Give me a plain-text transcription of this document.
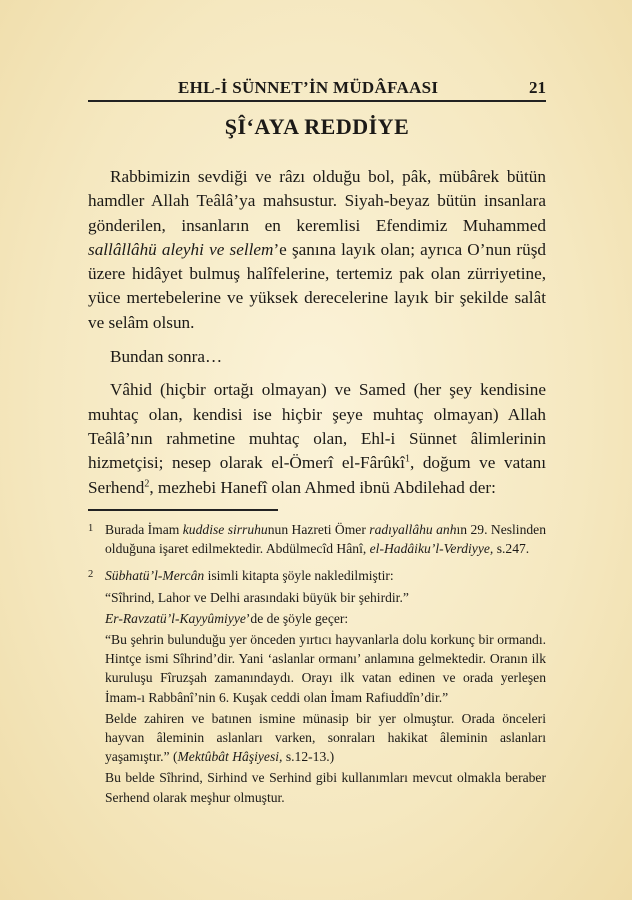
EHL-İ SÜNNET’İN MÜDÂFAASI	21
ŞÎ‘AYA REDDİYE

Rabbimizin sevdiği ve râzı olduğu bol, pâk, mübârek bütün hamdler Allah Teâlâ’ya mahsustur. Siyah-beyaz bütün insanlara gönderilen, insanların en keremlisi Efendimiz Muhammed sallâllâhü aleyhi ve sellem’e şanına layık olan; ayrıca O’nun rüşd üzere hidâyet bulmuş halîfelerine, tertemiz pak olan zürriyetine, yüce mertebelerine ve yüksek derecelerine layık bir şekilde salât ve selâm olsun.

Bundan sonra…

Vâhid (hiçbir ortağı olmayan) ve Samed (her şey kendisine muhtaç olan, kendisi ise hiçbir şeye muhtaç olmayan) Allah Teâlâ’nın rahmetine muhtaç olan, Ehl-i Sünnet âlimlerinin hizmetçisi; nesep olarak el-Ömerî el-Fârûkî$^1$, doğum ve vatanı Serhend$^2$, mezhebi Hanefî olan Ahmed ibnü Abdilehad der:

1 Burada İmam kuddise sirruhunun Hazreti Ömer radıyallâhu anhın 29. Neslinden olduğuna işaret edilmektedir. Abdülmecîd Hânî, el-Hadâiku’l-Verdiyye, s.247.
2 Sübhatü’l-Mercân isimli kitapta şöyle nakledilmiştir:

“Sîhrind, Lahor ve Delhi arasındaki büyük bir şehirdir.”

Er-Ravzatü’l-Kayyûmiyye’de de şöyle geçer:

“Bu şehrin bulunduğu yer önceden yırtıcı hayvanlarla dolu korkunç bir ormandı. Hintçe ismi Sîhrind’dir. Yani ‘aslanlar ormanı’ anlamına gelmektedir. Oranın ilk kuruluşu Fîruzşah zamanındaydı. Orayı ilk vatan edinen ve orada yerleşen İmam-ı Rabbânî’nin 6. Kuşak ceddi olan İmam Rafiuddîn’dir.”

Belde zahiren ve batınen ismine münasip bir yer olmuştur. Orada önceleri hayvan âleminin aslanları varken, sonraları hakikat âleminin aslanları yaşamıştır.” (Mektûbât Hâşiyesi, s.12-13.)

Bu belde Sîhrind, Sirhind ve Serhind gibi kullanımları mevcut olmakla beraber Serhend olarak meşhur olmuştur.
